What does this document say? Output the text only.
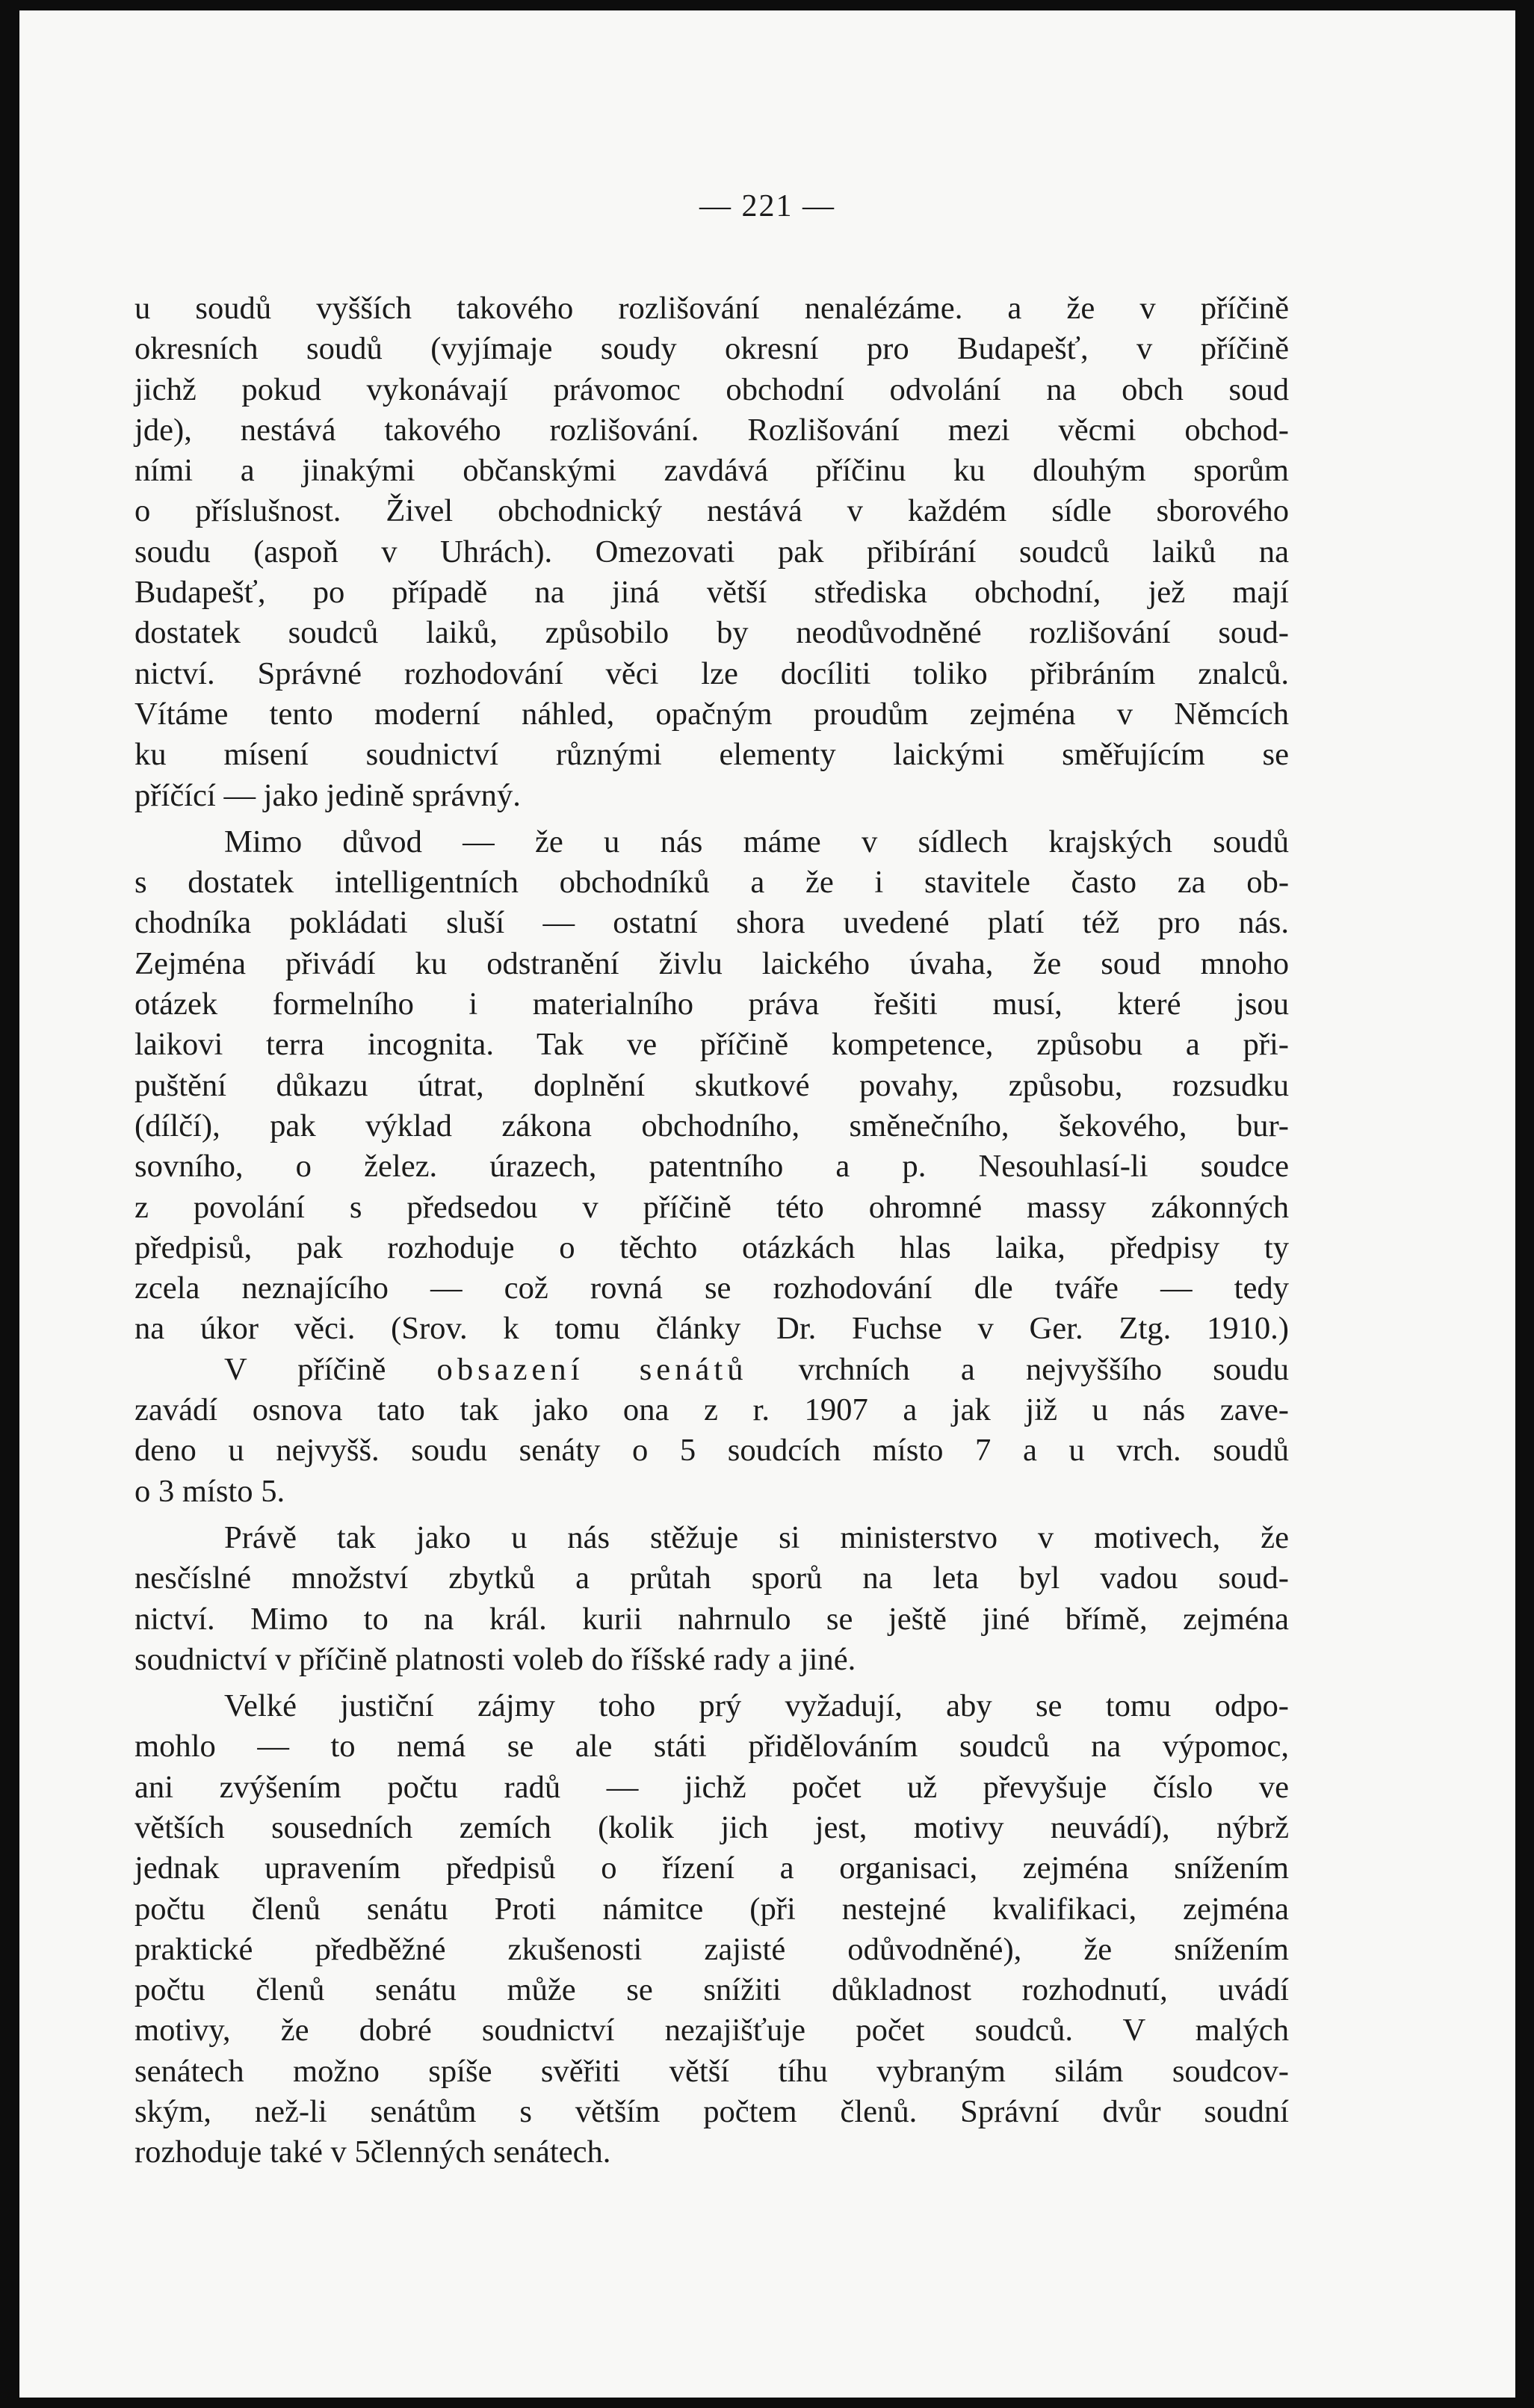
— 221 —

u soudů vyšších takového rozlišování nenalézáme. a že v příčině
okresních soudů (vyjímaje soudy okresní pro Budapešť, v příčině
jichž pokud vykonávají právomoc obchodní odvolání na obch soud
jde), nestává takového rozlišování. Rozlišování mezi věcmi obchod-
ními a jinakými občanskými zavdává příčinu ku dlouhým sporům
o příslušnost. Živel obchodnický nestává v každém sídle sborového
soudu (aspoň v Uhrách). Omezovati pak přibírání soudců laiků na
Budapešť, po případě na jiná větší střediska obchodní, jež mají
dostatek soudců laiků, způsobilo by neodůvodněné rozlišování soud-
nictví. Správné rozhodování věci lze docíliti toliko přibráním znalců.
Vítáme tento moderní náhled, opačným proudům zejména v Němcích
ku mísení soudnictví různými elementy laickými směřujícím se
příčící — jako jedině správný.

Mimo důvod — že u nás máme v sídlech krajských soudů
s dostatek intelligentních obchodníků a že i stavitele často za ob-
chodníka pokládati sluší — ostatní shora uvedené platí též pro nás.
Zejména přivádí ku odstranění živlu laického úvaha, že soud mnoho
otázek formelního i materialního práva řešiti musí, které jsou
laikovi terra incognita. Tak ve příčině kompetence, způsobu a při-
puštění důkazu útrat, doplnění skutkové povahy, způsobu, rozsudku
(dílčí), pak výklad zákona obchodního, směnečního, šekového, bur-
sovního, o želez. úrazech, patentního a p. Nesouhlasí-li soudce
z povolání s předsedou v příčině této ohromné massy zákonných
předpisů, pak rozhoduje o těchto otázkách hlas laika, předpisy ty
zcela neznajícího — což rovná se rozhodování dle tváře — tedy
na úkor věci. (Srov. k tomu články Dr. Fuchse v Ger. Ztg. 1910.)

V příčině obsazení senátů vrchních a nejvyššího soudu
zavádí osnova tato tak jako ona z r. 1907 a jak již u nás zave-
deno u nejvyšš. soudu senáty o 5 soudcích místo 7 a u vrch. soudů
o 3 místo 5.

Právě tak jako u nás stěžuje si ministerstvo v motivech, že
nesčíslné množství zbytků a průtah sporů na leta byl vadou soud-
nictví. Mimo to na král. kurii nahrnulo se ještě jiné břímě, zejména
soudnictví v příčině platnosti voleb do říšské rady a jiné.

Velké justiční zájmy toho prý vyžadují, aby se tomu odpo-
mohlo — to nemá se ale státi přidělováním soudců na výpomoc,
ani zvýšením počtu radů — jichž počet už převyšuje číslo ve
větších sousedních zemích (kolik jich jest, motivy neuvádí), nýbrž
jednak upravením předpisů o řízení a organisaci, zejména snížením
počtu členů senátu Proti námitce (při nestejné kvalifikaci, zejména
praktické předběžné zkušenosti zajisté odůvodněné), že snížením
počtu členů senátu může se snížiti důkladnost rozhodnutí, uvádí
motivy, že dobré soudnictví nezajišťuje počet soudců. V malých
senátech možno spíše svěřiti větší tíhu vybraným silám soudcov-
ským, než-li senátům s větším počtem členů. Správní dvůr soudní
rozhoduje také v 5členných senátech.
